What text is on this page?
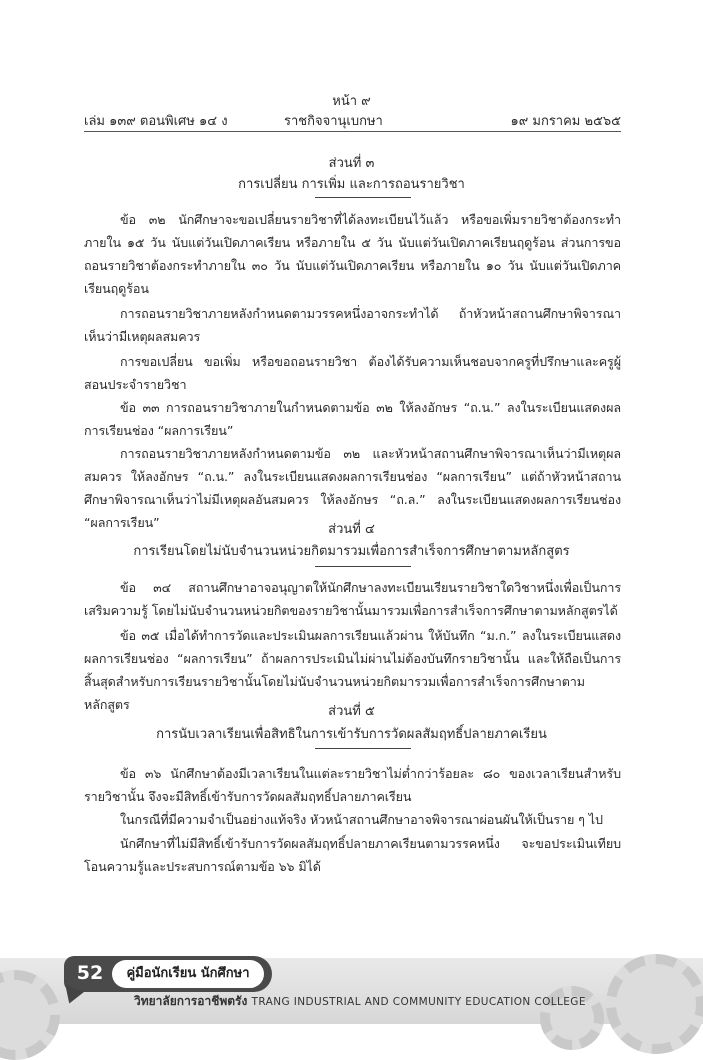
หน้า ๙
เล่ม ๑๓๙ ตอนพิเศษ ๑๔ ง	ราชกิจจานุเบกษา	๑๙ มกราคม ๒๕๖๕
ส่วนที่ ๓
การเปลี่ยน การเพิ่ม และการถอนรายวิชา

ข้อ ๓๒ นักศึกษาจะขอเปลี่ยนรายวิชาที่ได้ลงทะเบียนไว้แล้ว หรือขอเพิ่มรายวิชาต้องกระทำภายใน ๑๕ วัน นับแต่วันเปิดภาคเรียน หรือภายใน ๕ วัน นับแต่วันเปิดภาคเรียนฤดูร้อน ส่วนการขอถอนรายวิชาต้องกระทำภายใน ๓๐ วัน นับแต่วันเปิดภาคเรียน หรือภายใน ๑๐ วัน นับแต่วันเปิดภาคเรียนฤดูร้อน

การถอนรายวิชาภายหลังกำหนดตามวรรคหนึ่งอาจกระทำได้ ถ้าหัวหน้าสถานศึกษาพิจารณาเห็นว่ามีเหตุผลสมควร

การขอเปลี่ยน ขอเพิ่ม หรือขอถอนรายวิชา ต้องได้รับความเห็นชอบจากครูที่ปรึกษาและครูผู้สอนประจำรายวิชา

ข้อ ๓๓ การถอนรายวิชาภายในกำหนดตามข้อ ๓๒ ให้ลงอักษร “ถ.น.” ลงในระเบียนแสดงผลการเรียนช่อง “ผลการเรียน”

การถอนรายวิชาภายหลังกำหนดตามข้อ ๓๒ และหัวหน้าสถานศึกษาพิจารณาเห็นว่ามีเหตุผลสมควร ให้ลงอักษร “ถ.น.” ลงในระเบียนแสดงผลการเรียนช่อง “ผลการเรียน” แต่ถ้าหัวหน้าสถานศึกษาพิจารณาเห็นว่าไม่มีเหตุผลอันสมควร ให้ลงอักษร “ถ.ล.” ลงในระเบียนแสดงผลการเรียนช่อง “ผลการเรียน”	ส่วนที่ ๔
การเรียนโดยไม่นับจำนวนหน่วยกิตมารวมเพื่อการสำเร็จการศึกษาตามหลักสูตร

ข้อ ๓๔ สถานศึกษาอาจอนุญาตให้นักศึกษาลงทะเบียนเรียนรายวิชาใดวิชาหนึ่งเพื่อเป็นการเสริมความรู้ โดยไม่นับจำนวนหน่วยกิตของรายวิชานั้นมารวมเพื่อการสำเร็จการศึกษาตามหลักสูตรได้

ข้อ ๓๕ เมื่อได้ทำการวัดและประเมินผลการเรียนแล้วผ่าน ให้บันทึก “ม.ก.” ลงในระเบียนแสดงผลการเรียนช่อง “ผลการเรียน” ถ้าผลการประเมินไม่ผ่านไม่ต้องบันทึกรายวิชานั้น และให้ถือเป็นการสิ้นสุดสำหรับการเรียนรายวิชานั้นโดยไม่นับจำนวนหน่วยกิตมารวมเพื่อการสำเร็จการศึกษาตามหลักสูตร	ส่วนที่ ๕
การนับเวลาเรียนเพื่อสิทธิในการเข้ารับการวัดผลสัมฤทธิ์ปลายภาคเรียน

ข้อ ๓๖ นักศึกษาต้องมีเวลาเรียนในแต่ละรายวิชาไม่ต่ำกว่าร้อยละ ๘๐ ของเวลาเรียนสำหรับรายวิชานั้น จึงจะมีสิทธิ์เข้ารับการวัดผลสัมฤทธิ์ปลายภาคเรียน

ในกรณีที่มีความจำเป็นอย่างแท้จริง หัวหน้าสถานศึกษาอาจพิจารณาผ่อนผันให้เป็นราย ๆ ไป

นักศึกษาที่ไม่มีสิทธิ์เข้ารับการวัดผลสัมฤทธิ์ปลายภาคเรียนตามวรรคหนึ่ง จะขอประเมินเทียบโอนความรู้และประสบการณ์ตามข้อ ๖๖ มิได้

52	คู่มือนักเรียน นักศึกษา
วิทยาลัยการอาชีพตรัง TRANG INDUSTRIAL AND COMMUNITY EDUCATION COLLEGE
